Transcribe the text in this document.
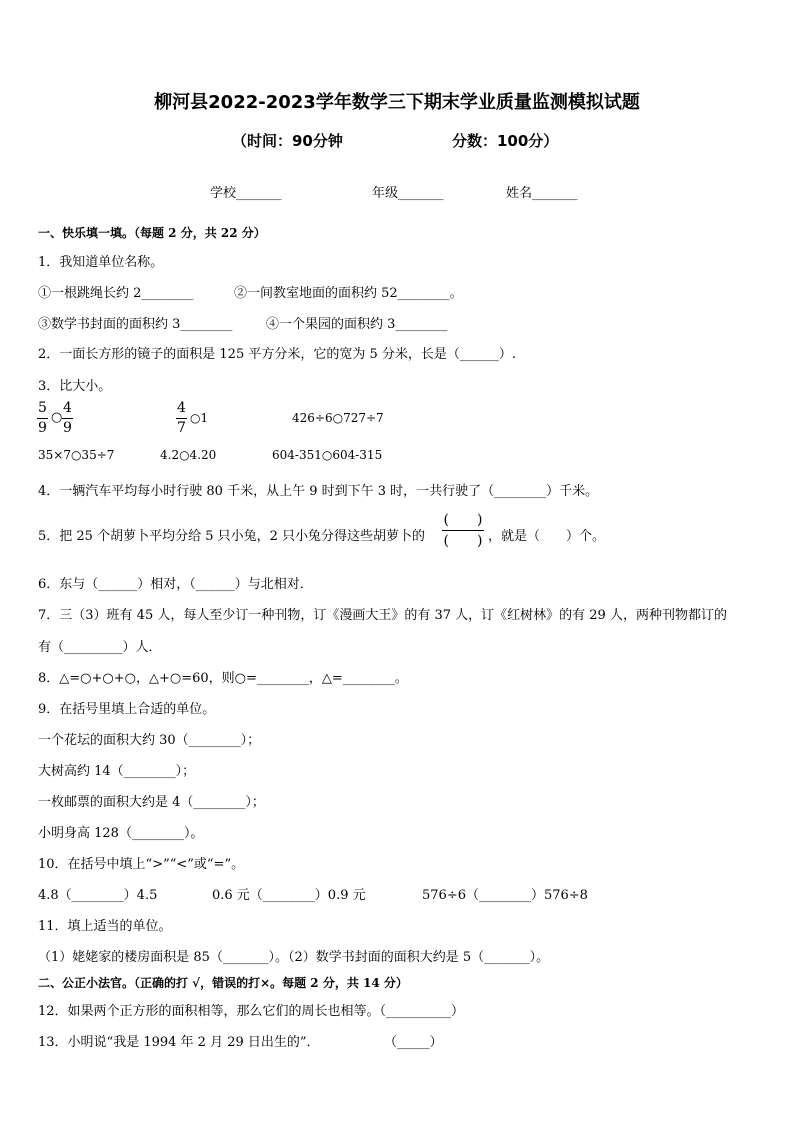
柳河县2022-2023学年数学三下期末学业质量监测模拟试题
（时间：90分钟	分数：100分）
学校_______	年级_______	姓名_______
一、快乐填一填。（每题 2 分，共 22 分）
1．我知道单位名称。
①一根跳绳长约 2________	②一间教室地面的面积约 52________。
③数学书封面的面积约 3________	④一个果园的面积约 3________
2．一面长方形的镜子的面积是 125 平方分米，它的宽为 5 分米，长是（______）.
3．比大小。
5
9
○
4
9
4
7
○1	426÷6○727÷7
35×7○35÷7	4.2○4.20	604-351○604-315
4．一辆汽车平均每小时行驶 80 千米，从上午 9 时到下午 3 时，一共行驶了（________）千米。
5．把 25 个胡萝卜平均分给 5 只小兔，2 只小兔分得这些胡萝卜的
(　　)
(　　) ，就是（　　）个。
6．东与（______）相对，（______）与北相对．
7．三（3）班有 45 人，每人至少订一种刊物，订《漫画大王》的有 37 人，订《红树林》的有 29 人，两种刊物都订的
有（_________）人．
8．△=○+○+○，△+○=60，则○=________，△=________。
9．在括号里填上合适的单位。
一个花坛的面积大约 30（________）；
大树高约 14（________）；
一枚邮票的面积大约是 4（________）；
小明身高 128（________）。
10．在括号中填上“>”“<”或“=”。
4.8（________）4.5	0.6 元（________）0.9 元	576÷6（________）576÷8
11．填上适当的单位。
（1）姥姥家的楼房面积是 85（_______）。（2）数学书封面的面积大约是 5（_______）。
二、公正小法官。（正确的打 √，错误的打×。每题 2 分，共 14 分）
12．如果两个正方形的面积相等，那么它们的周长也相等。（__________）
13．小明说“我是 1994 年 2 月 29 日出生的”．	（_____）
